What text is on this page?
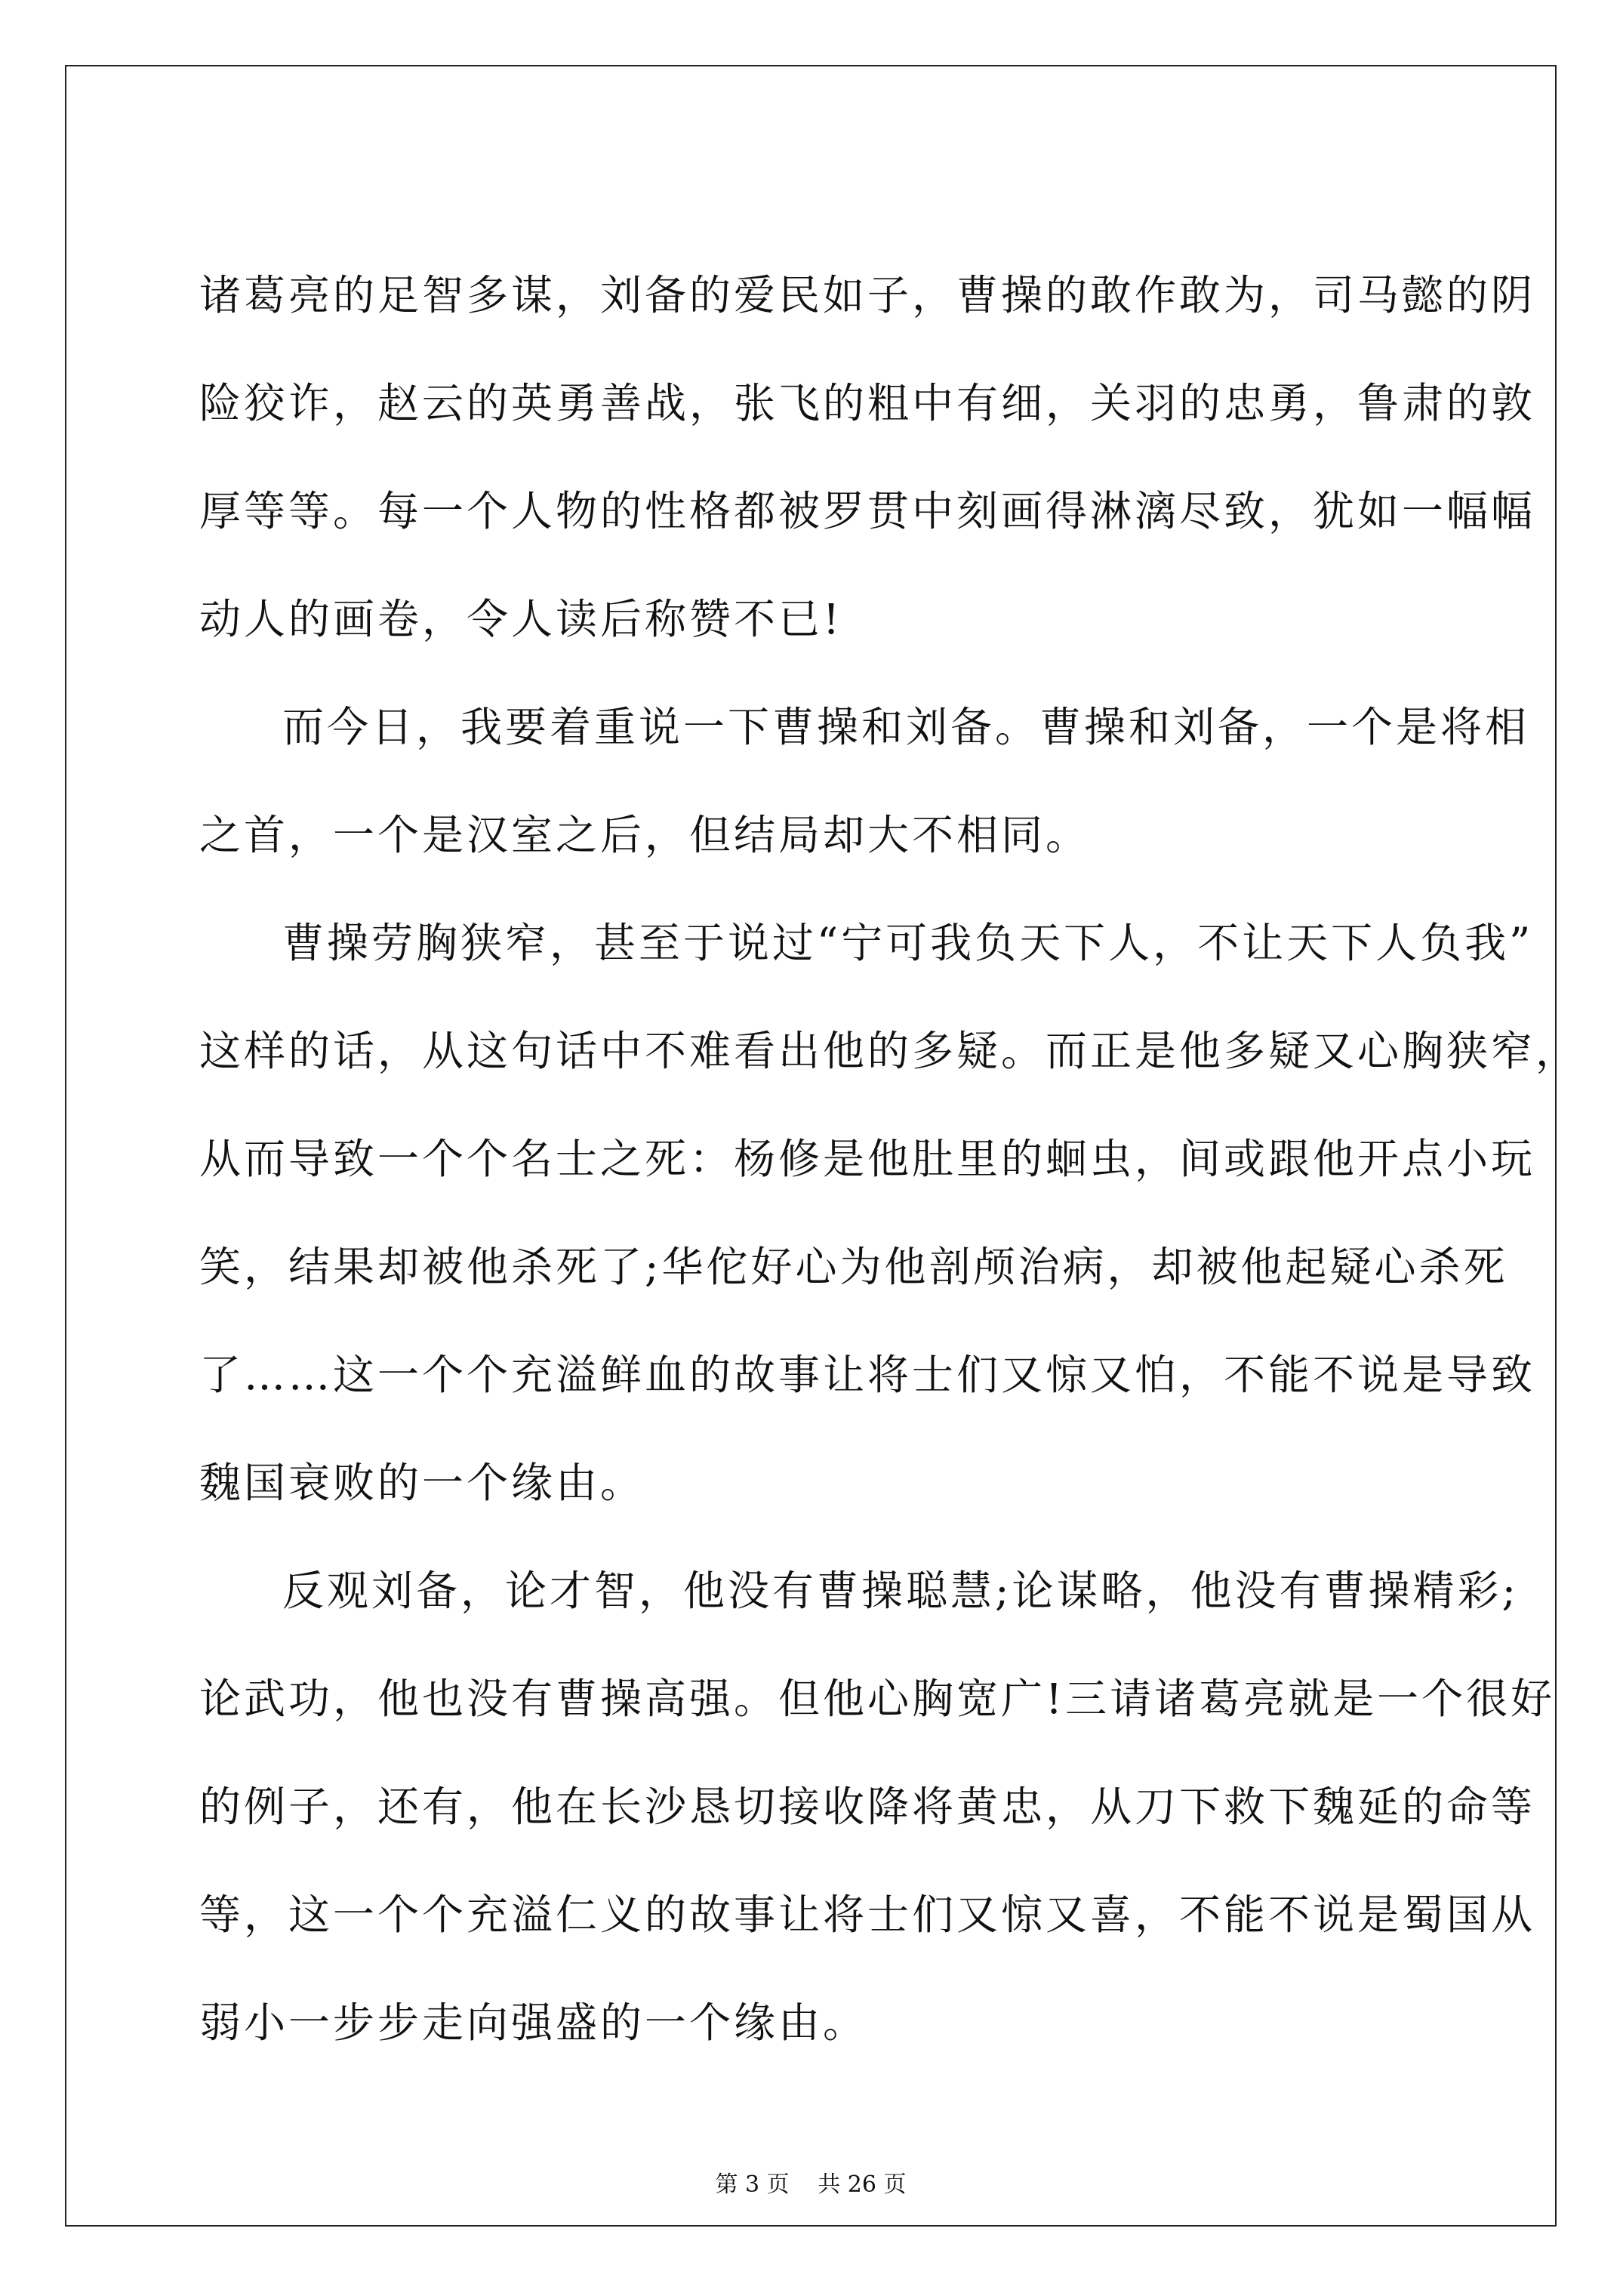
诸葛亮的足智多谋，刘备的爱民如子，曹操的敢作敢为，司马懿的阴
险狡诈，赵云的英勇善战，张飞的粗中有细，关羽的忠勇，鲁肃的敦
厚等等。每一个人物的性格都被罗贯中刻画得淋漓尽致，犹如一幅幅
动人的画卷，令人读后称赞不已!
而今日，我要着重说一下曹操和刘备。曹操和刘备，一个是将相
之首，一个是汉室之后，但结局却大不相同。
曹操劳胸狭窄，甚至于说过“宁可我负天下人，不让天下人负我”
这样的话，从这句话中不难看出他的多疑。而正是他多疑又心胸狭窄，
从而导致一个个名士之死：杨修是他肚里的蛔虫，间或跟他开点小玩
笑，结果却被他杀死了;华佗好心为他剖颅治病，却被他起疑心杀死
了……这一个个充溢鲜血的故事让将士们又惊又怕，不能不说是导致
魏国衰败的一个缘由。
反观刘备，论才智，他没有曹操聪慧;论谋略，他没有曹操精彩;
论武功，他也没有曹操高强。但他心胸宽广!三请诸葛亮就是一个很好
的例子，还有，他在长沙恳切接收降将黄忠，从刀下救下魏延的命等
等，这一个个充溢仁义的故事让将士们又惊又喜，不能不说是蜀国从
弱小一步步走向强盛的一个缘由。
第 3 页 共 26 页
